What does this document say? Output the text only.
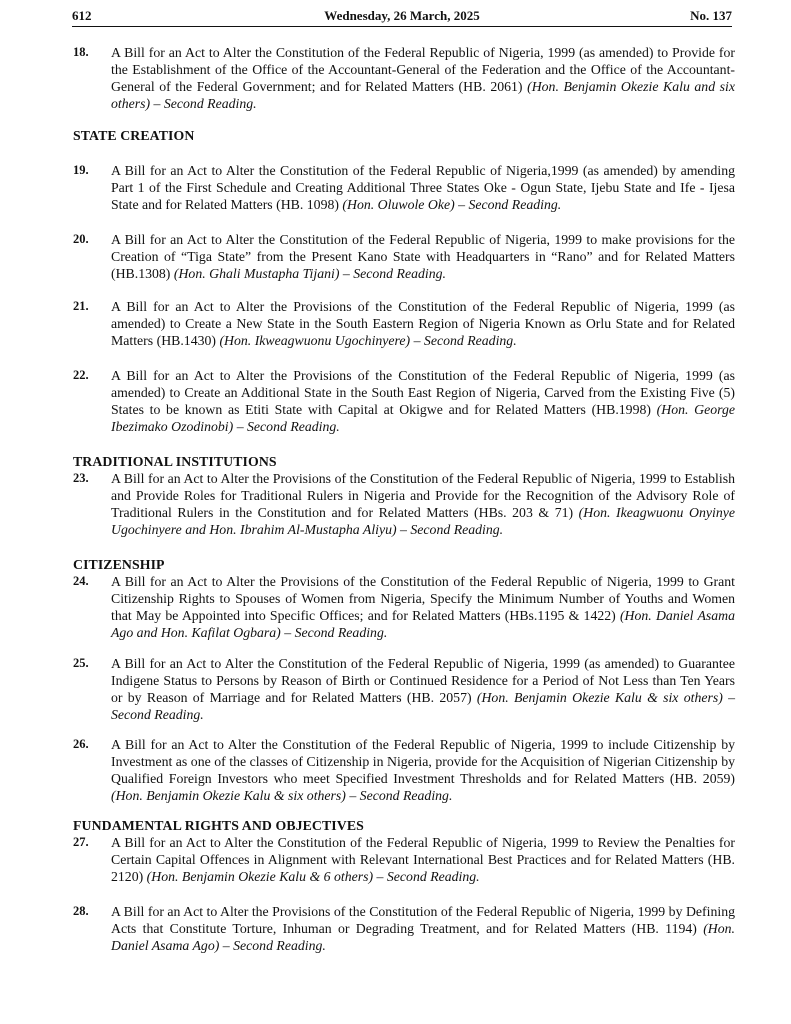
612	Wednesday, 26 March, 2025	No. 137
18.	A Bill for an Act to Alter the Constitution of the Federal Republic of Nigeria, 1999 (as amended) to Provide for the Establishment of the Office of the Accountant-General of the Federation and the Office of the Accountant-General of the Federal Government; and for Related Matters (HB. 2061) (Hon. Benjamin Okezie Kalu and six others) – Second Reading.
STATE CREATION
19.	A Bill for an Act to Alter the Constitution of the Federal Republic of Nigeria,1999 (as amended) by amending Part 1 of the First Schedule and Creating Additional Three States Oke - Ogun State, Ijebu State and Ife - Ijesa State and for Related Matters (HB. 1098) (Hon. Oluwole Oke) – Second Reading.
20.	A Bill for an Act to Alter the Constitution of the Federal Republic of Nigeria, 1999 to make provisions for the Creation of “Tiga State” from the Present Kano State with Headquarters in “Rano” and for Related Matters (HB.1308) (Hon. Ghali Mustapha Tijani) – Second Reading.
21.	A Bill for an Act to Alter the Provisions of the Constitution of the Federal Republic of Nigeria, 1999 (as amended) to Create a New State in the South Eastern Region of Nigeria Known as Orlu State and for Related Matters (HB.1430) (Hon. Ikweagwuonu Ugochinyere) – Second Reading.
22.	A Bill for an Act to Alter the Provisions of the Constitution of the Federal Republic of Nigeria, 1999 (as amended) to Create an Additional State in the South East Region of Nigeria, Carved from the Existing Five (5) States to be known as Etiti State with Capital at Okigwe and for Related Matters (HB.1998) (Hon. George Ibezimako Ozodinobi) – Second Reading.
TRADITIONAL INSTITUTIONS
23.	A Bill for an Act to Alter the Provisions of the Constitution of the Federal Republic of Nigeria, 1999 to Establish and Provide Roles for Traditional Rulers in Nigeria and Provide for the Recognition of the Advisory Role of Traditional Rulers in the Constitution and for Related Matters (HBs. 203 & 71) (Hon. Ikeagwuonu Onyinye Ugochinyere and Hon. Ibrahim Al-Mustapha Aliyu) – Second Reading.
CITIZENSHIP
24.	A Bill for an Act to Alter the Provisions of the Constitution of the Federal Republic of Nigeria, 1999 to Grant Citizenship Rights to Spouses of Women from Nigeria, Specify the Minimum Number of Youths and Women that May be Appointed into Specific Offices; and for Related Matters (HBs.1195 & 1422) (Hon. Daniel Asama Ago and Hon. Kafilat Ogbara) – Second Reading.
25.	A Bill for an Act to Alter the Constitution of the Federal Republic of Nigeria, 1999 (as amended) to Guarantee Indigene Status to Persons by Reason of Birth or Continued Residence for a Period of Not Less than Ten Years or by Reason of Marriage and for Related Matters (HB. 2057) (Hon. Benjamin Okezie Kalu & six others) – Second Reading.
26.	A Bill for an Act to Alter the Constitution of the Federal Republic of Nigeria, 1999 to include Citizenship by Investment as one of the classes of Citizenship in Nigeria, provide for the Acquisition of Nigerian Citizenship by Qualified Foreign Investors who meet Specified Investment Thresholds and for Related Matters (HB. 2059) (Hon. Benjamin Okezie Kalu & six others) – Second Reading.
FUNDAMENTAL RIGHTS AND OBJECTIVES
27.	A Bill for an Act to Alter the Constitution of the Federal Republic of Nigeria, 1999 to Review the Penalties for Certain Capital Offences in Alignment with Relevant International Best Practices and for Related Matters (HB. 2120) (Hon. Benjamin Okezie Kalu & 6 others) – Second Reading.
28.	A Bill for an Act to Alter the Provisions of the Constitution of the Federal Republic of Nigeria, 1999 by Defining Acts that Constitute Torture, Inhuman or Degrading Treatment, and for Related Matters (HB. 1194) (Hon. Daniel Asama Ago) – Second Reading.
